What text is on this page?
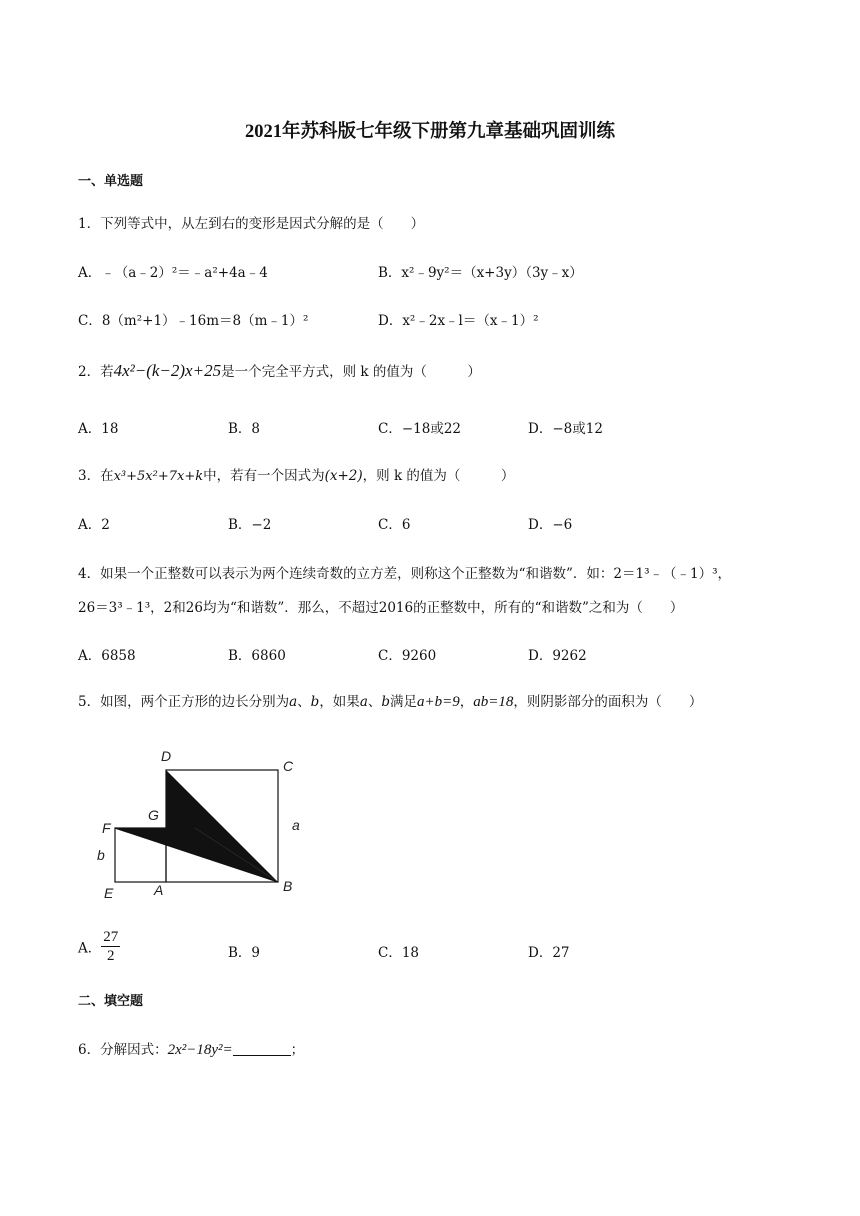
2021年苏科版七年级下册第九章基础巩固训练
一、单选题
1．下列等式中，从左到右的变形是因式分解的是（　　）
A．﹣（a﹣2）²＝﹣a²+4a﹣4	B．x²﹣9y²＝（x+3y）（3y﹣x）
C．8（m²+1）﹣16m＝8（m﹣1）²	D．x²﹣2x﹣l＝（x﹣1）²
2．若4x²−(k−2)x+25是一个完全平方式，则 k 的值为（　　　）
A．18	B．8	C．−18或22	D．−8或12
3．在x³+5x²+7x+k中，若有一个因式为(x+2)，则 k 的值为（　　　）
A．2	B．−2	C．6	D．−6
4．如果一个正整数可以表示为两个连续奇数的立方差，则称这个正整数为“和谐数”．如：2＝1³﹣（﹣1）³，
26＝3³﹣1³，2和26均为“和谐数”．那么，不超过2016的正整数中，所有的“和谐数”之和为（　　）
A．6858	B．6860	C．9260	D．9262
5．如图，两个正方形的边长分别为a、b，如果a、b满足a+b=9，ab=18，则阴影部分的面积为（　　）
D
C
G
F	a
b
E	A	B
A． $\frac{27}{2}$	B．9	C．18	D．27
二、填空题
6．分解因式：2x²−18y²=	；
